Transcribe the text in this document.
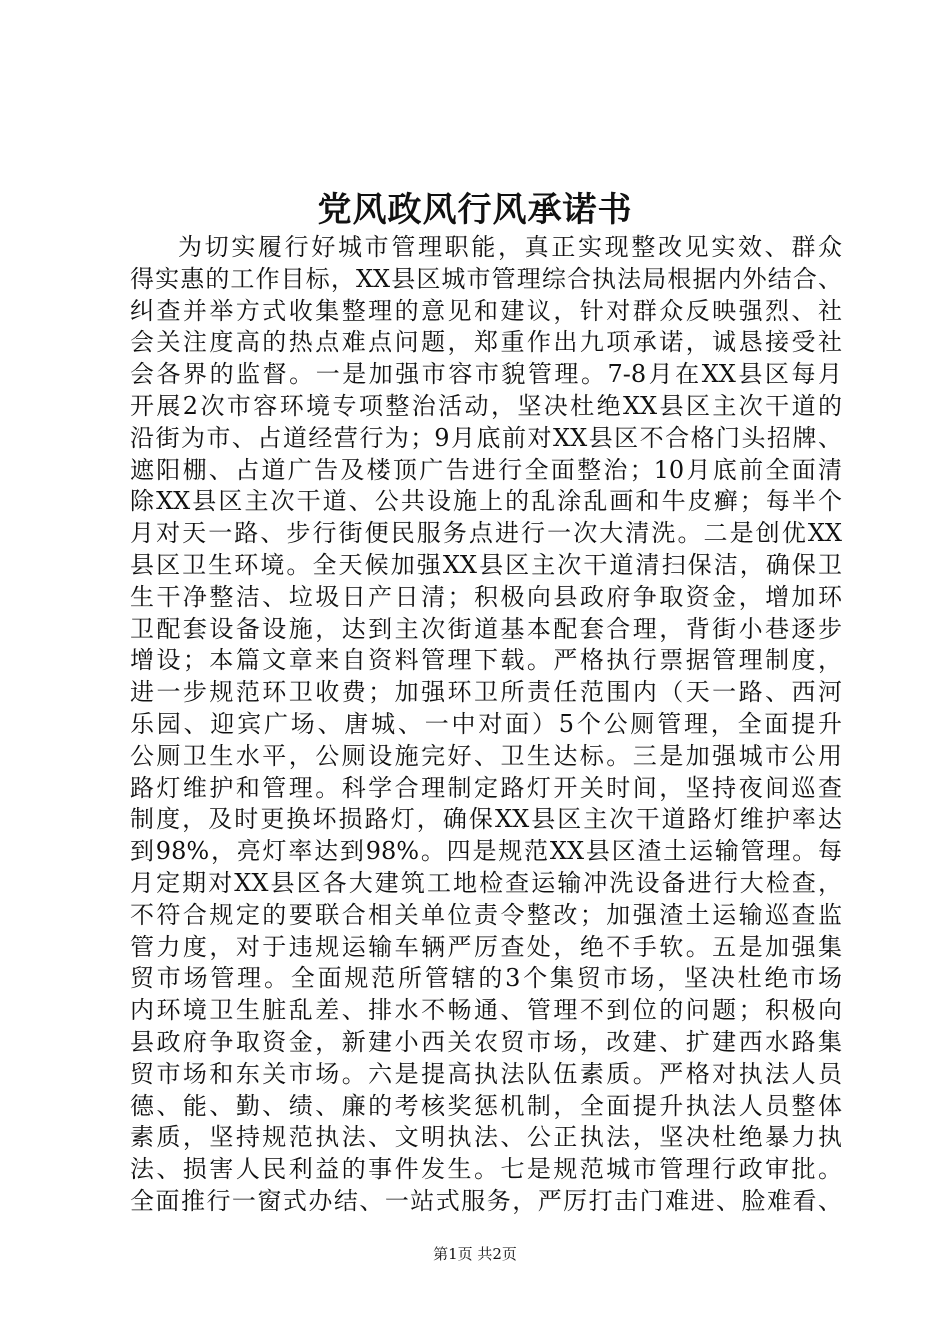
党风政风行风承诺书
为切实履行好城市管理职能，真正实现整改见实效、群众
得实惠的工作目标，XX县区城市管理综合执法局根据内外结合、
纠查并举方式收集整理的意见和建议，针对群众反映强烈、社
会关注度高的热点难点问题，郑重作出九项承诺，诚恳接受社
会各界的监督。一是加强市容市貌管理。7-8月在XX县区每月
开展2次市容环境专项整治活动，坚决杜绝XX县区主次干道的
沿街为市、占道经营行为；9月底前对XX县区不合格门头招牌、
遮阳棚、占道广告及楼顶广告进行全面整治；10月底前全面清
除XX县区主次干道、公共设施上的乱涂乱画和牛皮癣；每半个
月对天一路、步行街便民服务点进行一次大清洗。二是创优XX
县区卫生环境。全天候加强XX县区主次干道清扫保洁，确保卫
生干净整洁、垃圾日产日清；积极向县政府争取资金，增加环
卫配套设备设施，达到主次街道基本配套合理，背街小巷逐步
增设；本篇文章来自资料管理下载。严格执行票据管理制度，
进一步规范环卫收费；加强环卫所责任范围内（天一路、西河
乐园、迎宾广场、唐城、一中对面）5个公厕管理，全面提升
公厕卫生水平，公厕设施完好、卫生达标。三是加强城市公用
路灯维护和管理。科学合理制定路灯开关时间，坚持夜间巡查
制度，及时更换坏损路灯，确保XX县区主次干道路灯维护率达
到98%，亮灯率达到98%。四是规范XX县区渣土运输管理。每
月定期对XX县区各大建筑工地检查运输冲洗设备进行大检查，
不符合规定的要联合相关单位责令整改；加强渣土运输巡查监
管力度，对于违规运输车辆严厉查处，绝不手软。五是加强集
贸市场管理。全面规范所管辖的3个集贸市场，坚决杜绝市场
内环境卫生脏乱差、排水不畅通、管理不到位的问题；积极向
县政府争取资金，新建小西关农贸市场，改建、扩建西水路集
贸市场和东关市场。六是提高执法队伍素质。严格对执法人员
德、能、勤、绩、廉的考核奖惩机制，全面提升执法人员整体
素质，坚持规范执法、文明执法、公正执法，坚决杜绝暴力执
法、损害人民利益的事件发生。七是规范城市管理行政审批。
全面推行一窗式办结、一站式服务，严厉打击门难进、脸难看、
第1页 共2页
